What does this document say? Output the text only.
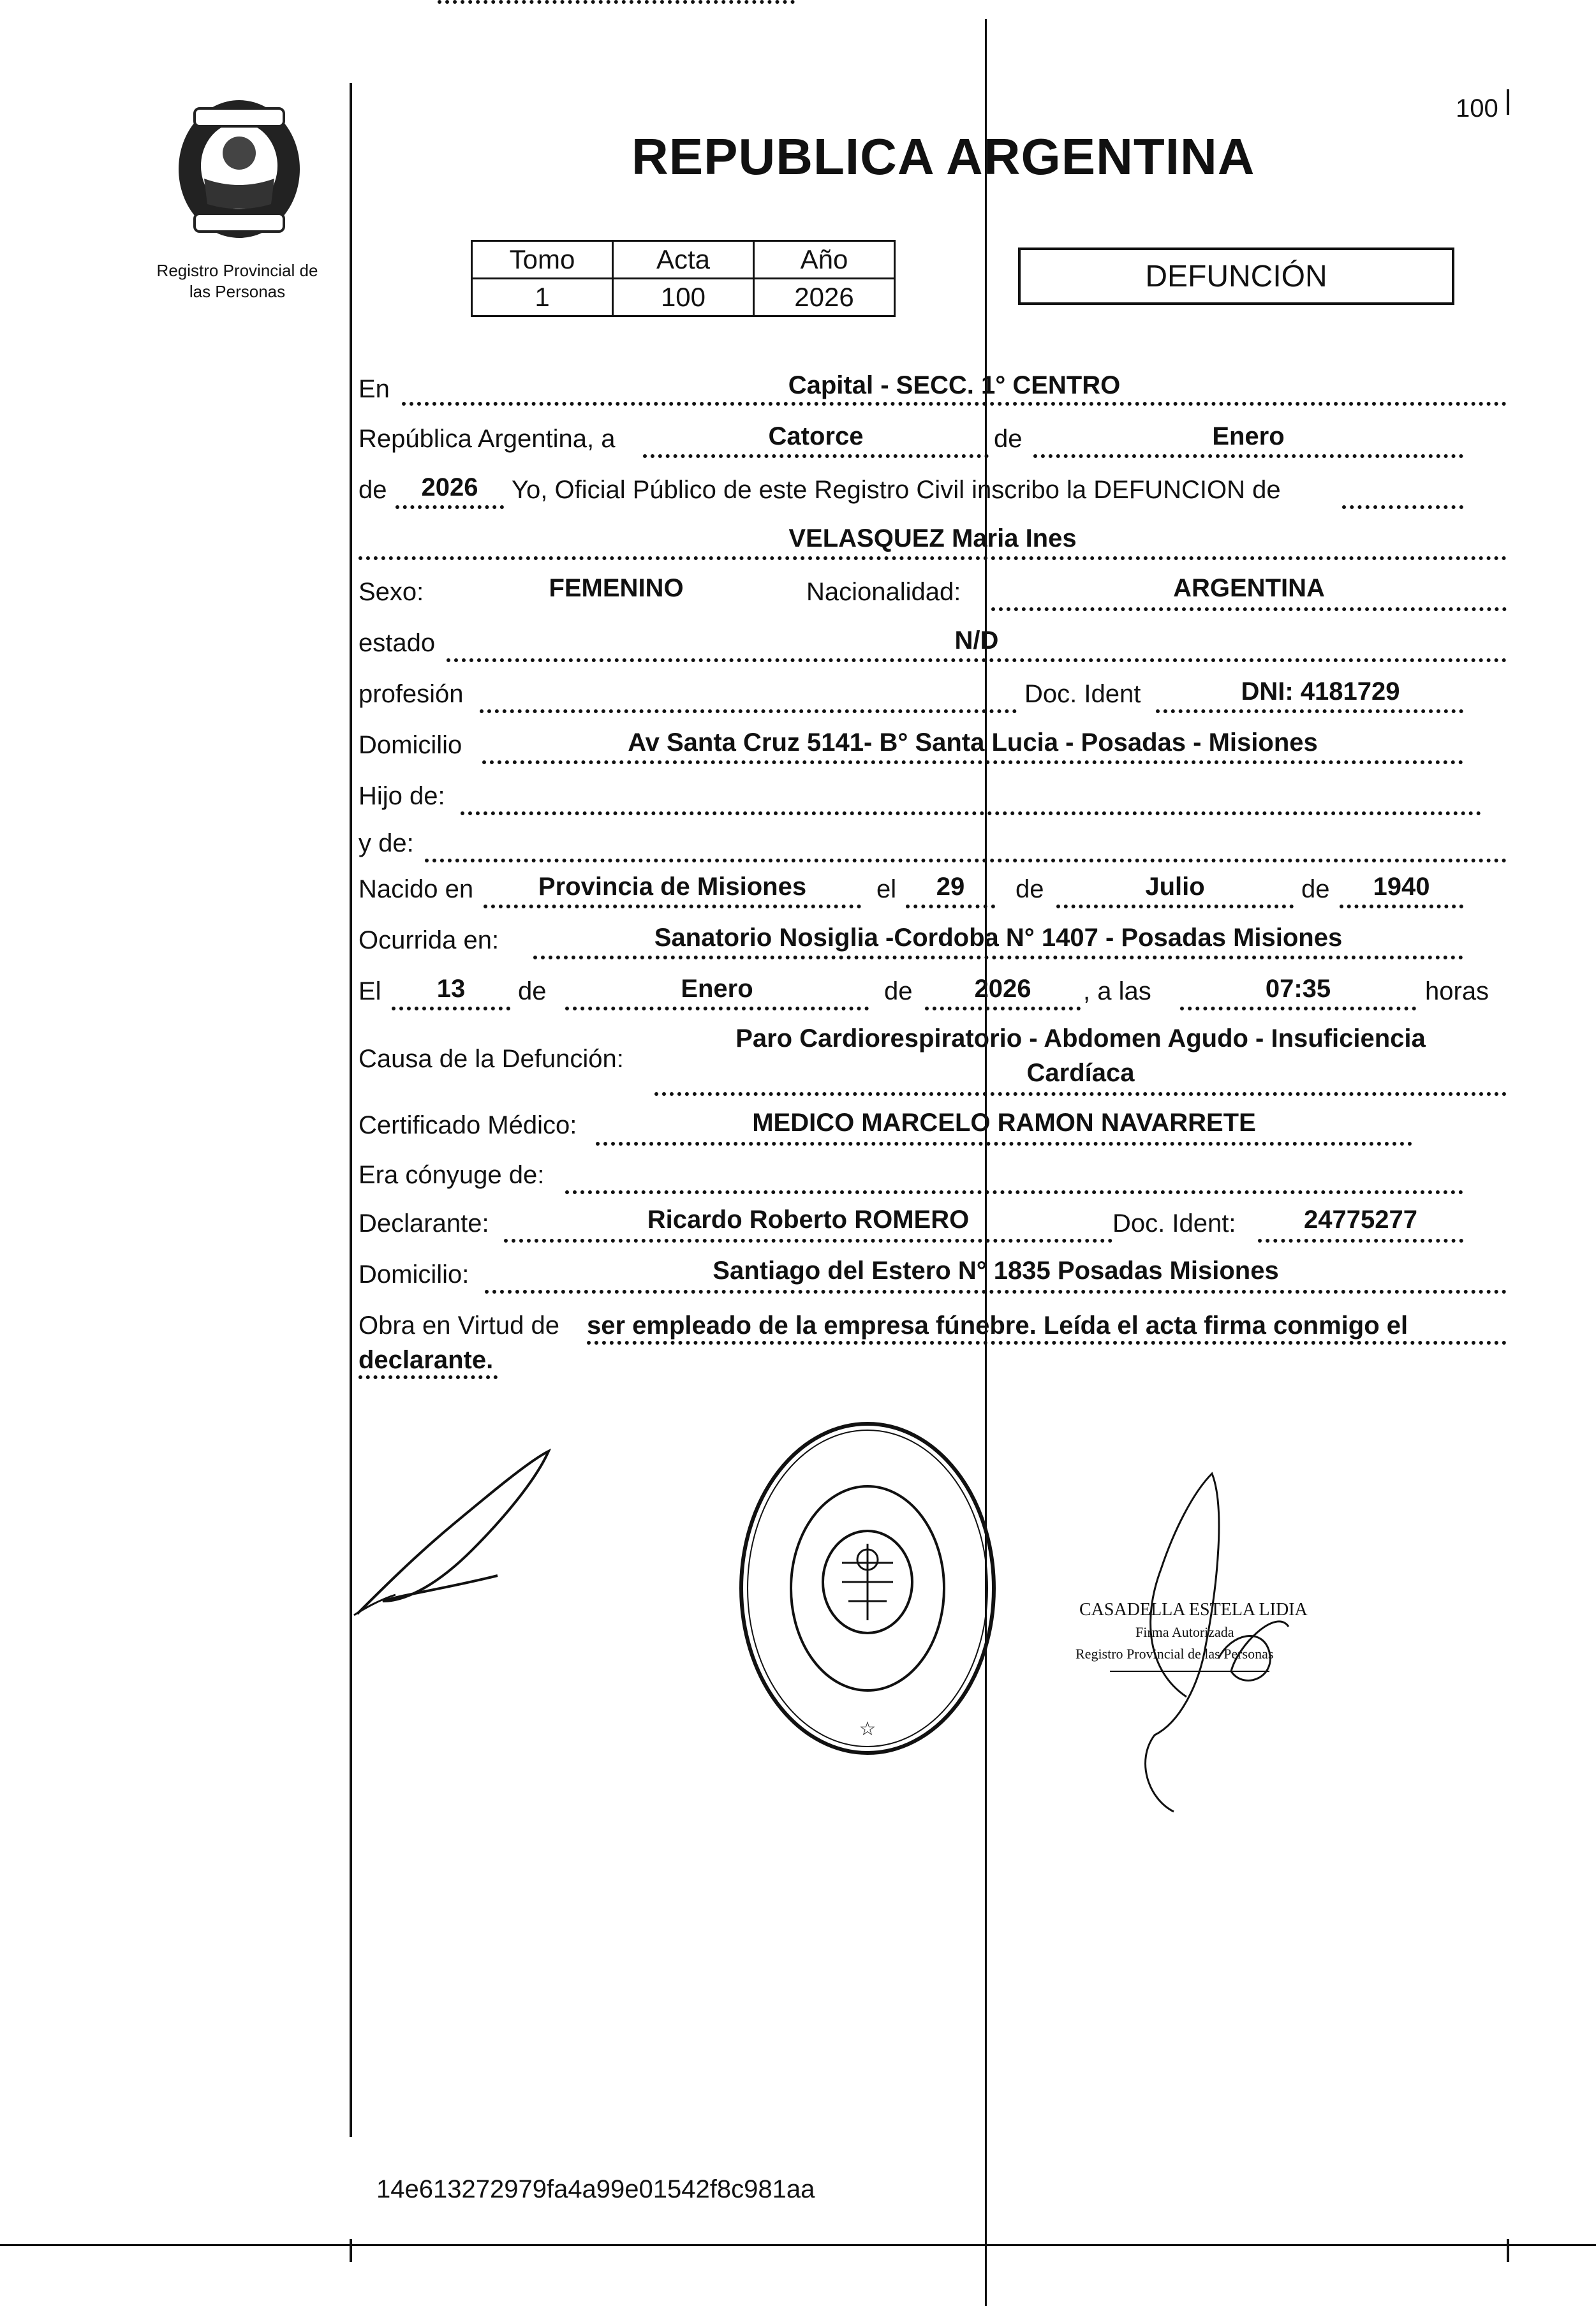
Registro Provincial de
las Personas
100
REPUBLICA ARGENTINA
Tomo	Acta	Año
1	100	2026
DEFUNCIÓN
En	Capital - SECC. 1° CENTRO
República Argentina, a	Catorce	de	Enero
de	2026	Yo, Oficial Público de este Registro Civil inscribo la DEFUNCION de
VELASQUEZ Maria Ines
Sexo:	FEMENINO	Nacionalidad:	ARGENTINA
estado	N/D
profesión	Doc. Ident	DNI: 4181729
Domicilio	Av Santa Cruz 5141- B° Santa Lucia - Posadas - Misiones
Hijo de:
y de:
Nacido en	Provincia de Misiones	el	29	de	Julio	de	1940
Ocurrida en:	Sanatorio Nosiglia -Cordoba N° 1407 - Posadas Misiones
El	13	de	Enero	de	2026	, a las	07:35	horas
Causa de la Defunción:
Paro Cardiorespiratorio - Abdomen Agudo - Insuficiencia
Cardíaca
Certificado Médico:	MEDICO MARCELO RAMON NAVARRETE
Era cónyuge de:
Declarante:	Ricardo Roberto ROMERO	Doc. Ident:	24775277
Domicilio:	Santiago del Estero N° 1835 Posadas Misiones
Obra en Virtud de ser empleado de la empresa fúnebre. Leída el acta firma conmigo el
declarante.
☆
CASADELLA ESTELA LIDIA
Firma Autorizada
Registro Provincial de las Personas
14e613272979fa4a99e01542f8c981aa
